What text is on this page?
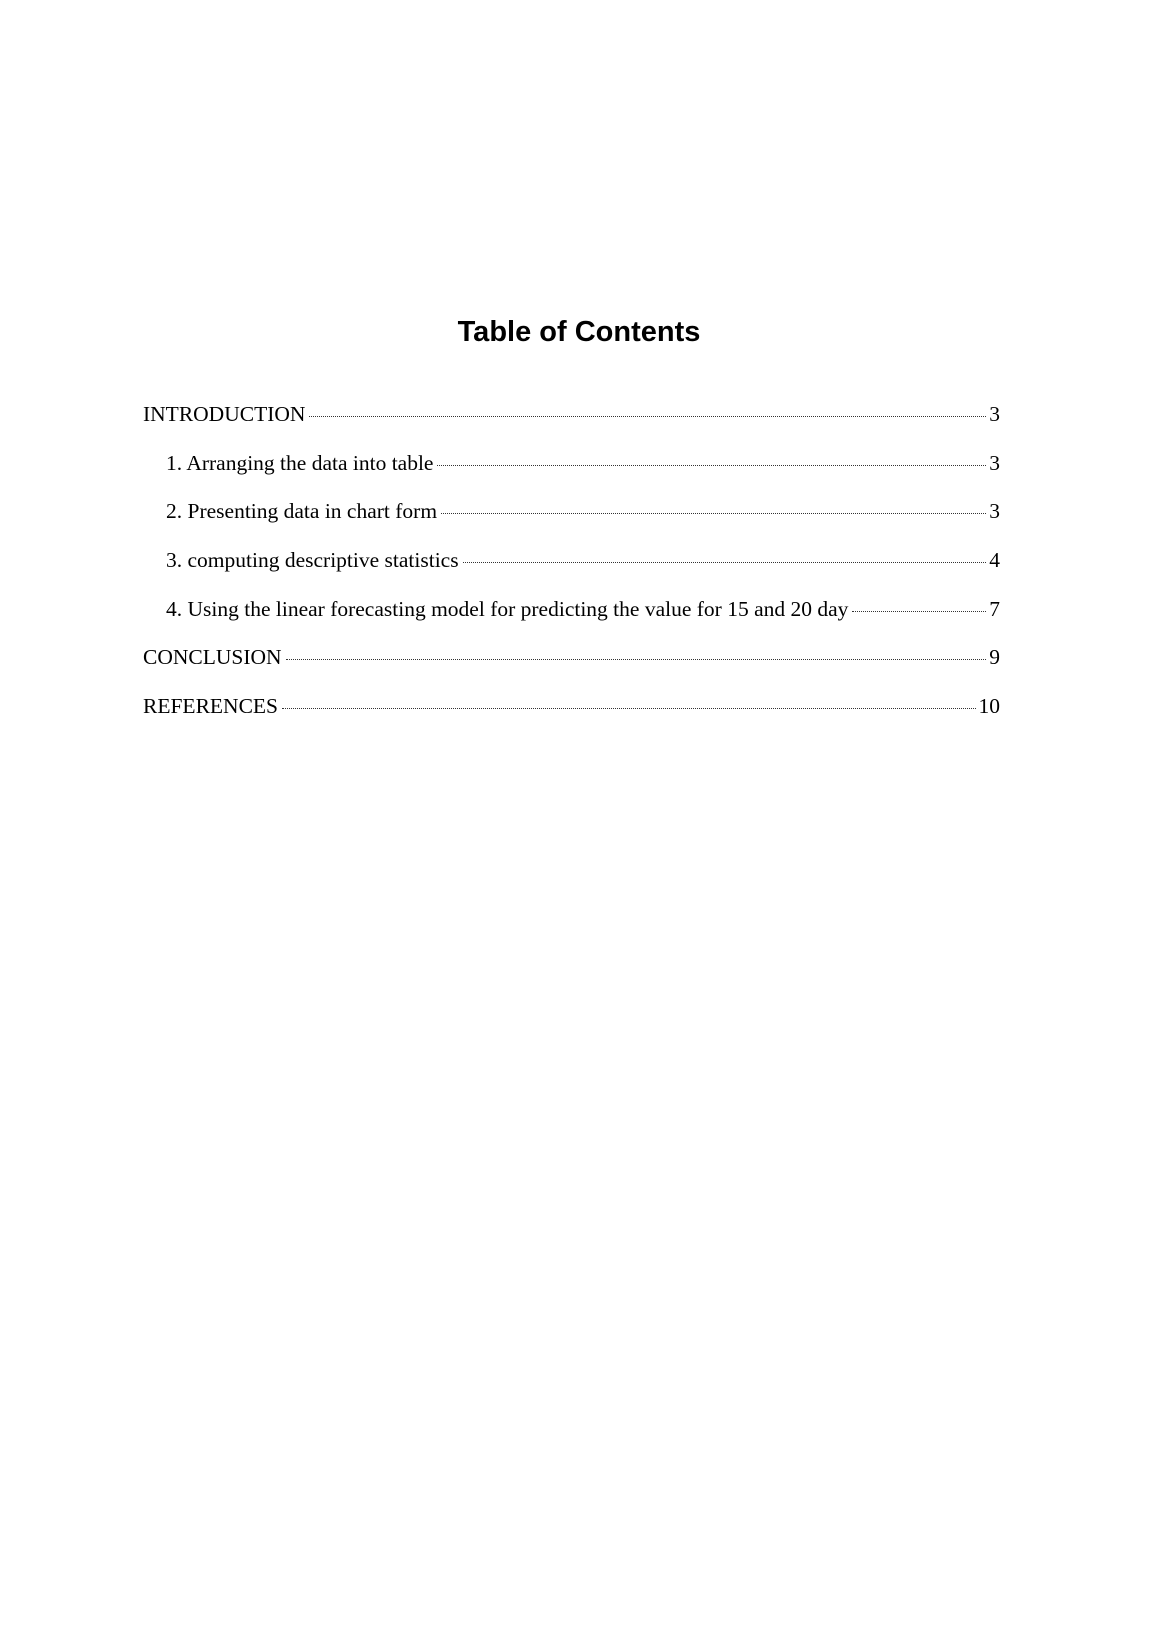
Table of Contents
INTRODUCTION	3
1. Arranging the data into table	3
2. Presenting data in chart form	3
3. computing descriptive statistics	4
4. Using the linear forecasting model for predicting the value for 15 and 20 day	7
CONCLUSION	9
REFERENCES	10
